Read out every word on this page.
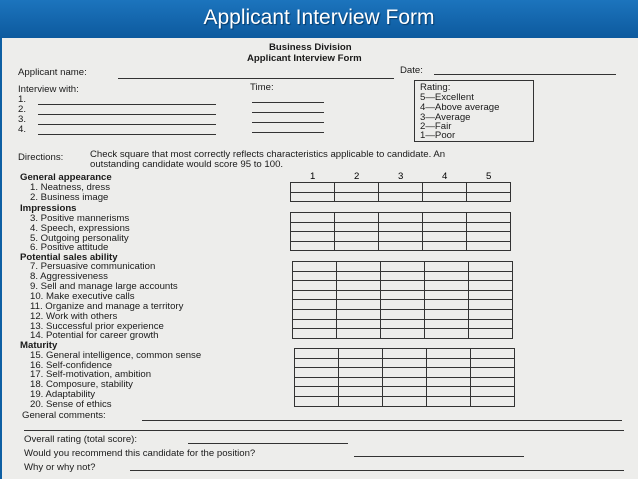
Applicant Interview Form
Business Division
Applicant Interview Form
Applicant name:	Date:
Interview with:	Time:
1.
2.
3.
4.
Rating:
5—Excellent
4—Above average
3—Average
2—Fair
1—Poor
Directions:	Check square that most correctly reflects characteristics applicable to candidate. An
outstanding candidate would score 95 to 100.
1	2	3	4	5
General appearance
1. Neatness, dress
2. Business image
Impressions
3. Positive mannerisms
4. Speech, expressions
5. Outgoing personality
6. Positive attitude
Potential sales ability
7. Persuasive communication
8. Aggressiveness
9. Sell and manage large accounts
10. Make executive calls
11. Organize and manage a territory
12. Work with others
13. Successful prior experience
14. Potential for career growth
Maturity
15. General intelligence, common sense
16. Self-confidence
17. Self-motivation, ambition
18. Composure, stability
19. Adaptability
20. Sense of ethics

General comments:
Overall rating (total score):
Would you recommend this candidate for the position?
Why or why not?
